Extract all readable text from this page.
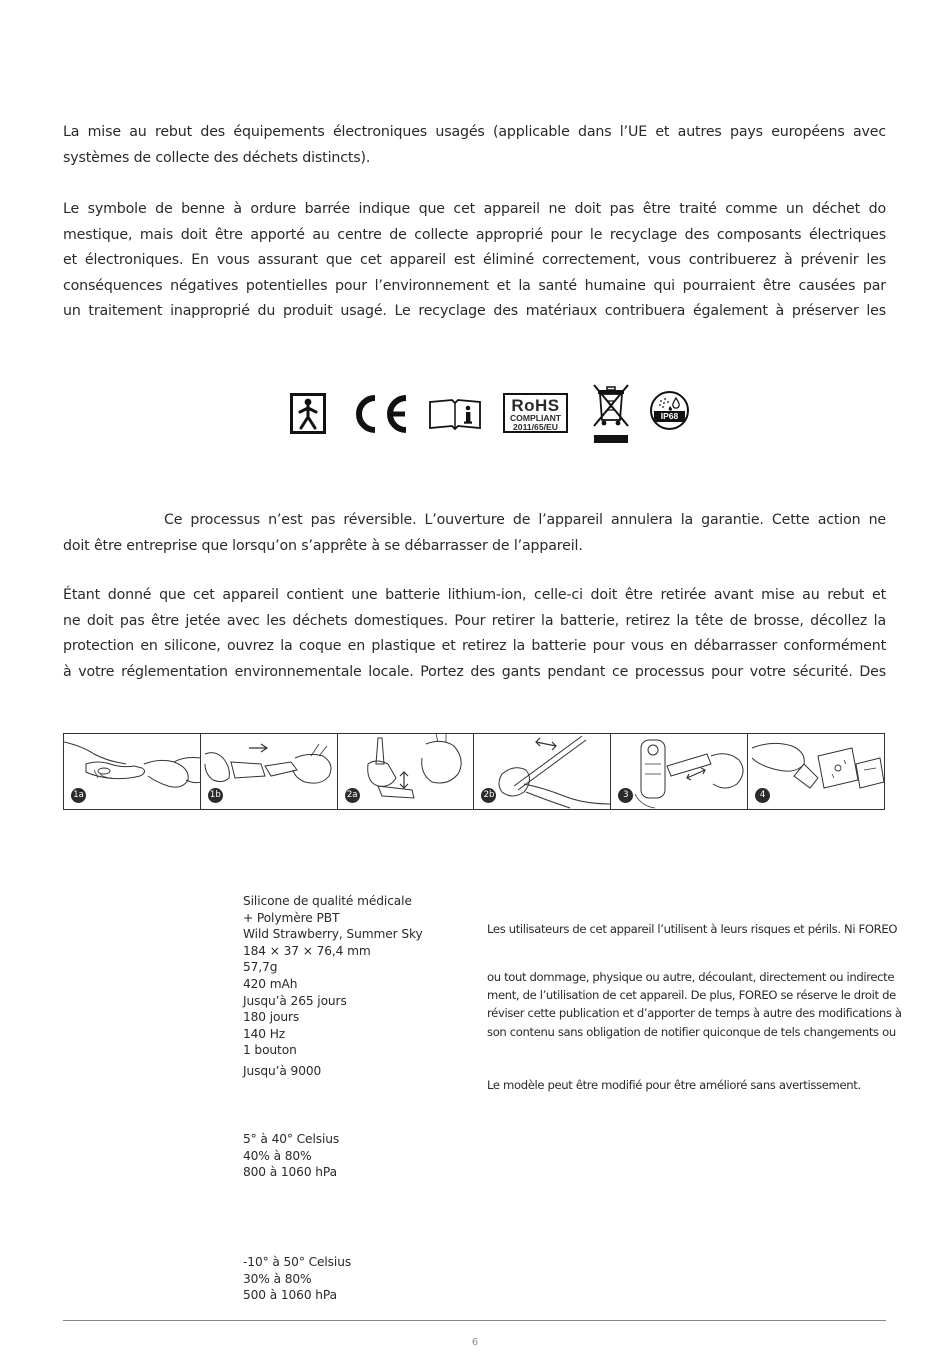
La mise au rebut des équipements électroniques usagés (applicable dans l’UE et autres pays européens avec
systèmes de collecte des déchets distincts).
Le symbole de benne à ordure barrée indique que cet appareil ne doit pas être traité comme un déchet do
mestique, mais doit être apporté au centre de collecte approprié pour le recyclage des composants électriques
et électroniques. En vous assurant que cet appareil est éliminé correctement, vous contribuerez à prévenir les
conséquences négatives potentielles pour l’environnement et la santé humaine qui pourraient être causées par
un traitement inapproprié du produit usagé. Le recyclage des matériaux contribuera également à préserver les
RoHS
COMPLIANT
2011/65/EU
IP68
Ce processus n’est pas réversible. L’ouverture de l’appareil annulera la garantie. Cette action ne
doit être entreprise que lorsqu’on s’apprête à se débarrasser de l’appareil.
Étant donné que cet appareil contient une batterie lithium-ion, celle-ci doit être retirée avant mise au rebut et
ne doit pas être jetée avec les déchets domestiques. Pour retirer la batterie, retirez la tête de brosse, décollez la
protection en silicone, ouvrez la coque en plastique et retirez la batterie pour vous en débarrasser conformément
à votre réglementation environnementale locale. Portez des gants pendant ce processus pour votre sécurité. Des
1a	1b	2a	2b	3	4
Silicone de qualité médicale
+ Polymère PBT
Wild Strawberry, Summer Sky
184 × 37 × 76,4 mm
57,7g
420 mAh
Jusqu’à 265 jours
180 jours
140 Hz
1 bouton
Jusqu’à 9000
5° à 40° Celsius
40% à 80%
800 à 1060 hPa
-10° à 50° Celsius
30% à 80%
500 à 1060 hPa
Les utilisateurs de cet appareil l’utilisent à leurs risques et périls. Ni FOREO
ou tout dommage, physique ou autre, découlant, directement ou indirecte
ment, de l’utilisation de cet appareil. De plus, FOREO se réserve le droit de
réviser cette publication et d’apporter de temps à autre des modifications à
son contenu sans obligation de notifier quiconque de tels changements ou
Le modèle peut être modifié pour être amélioré sans avertissement.
6
